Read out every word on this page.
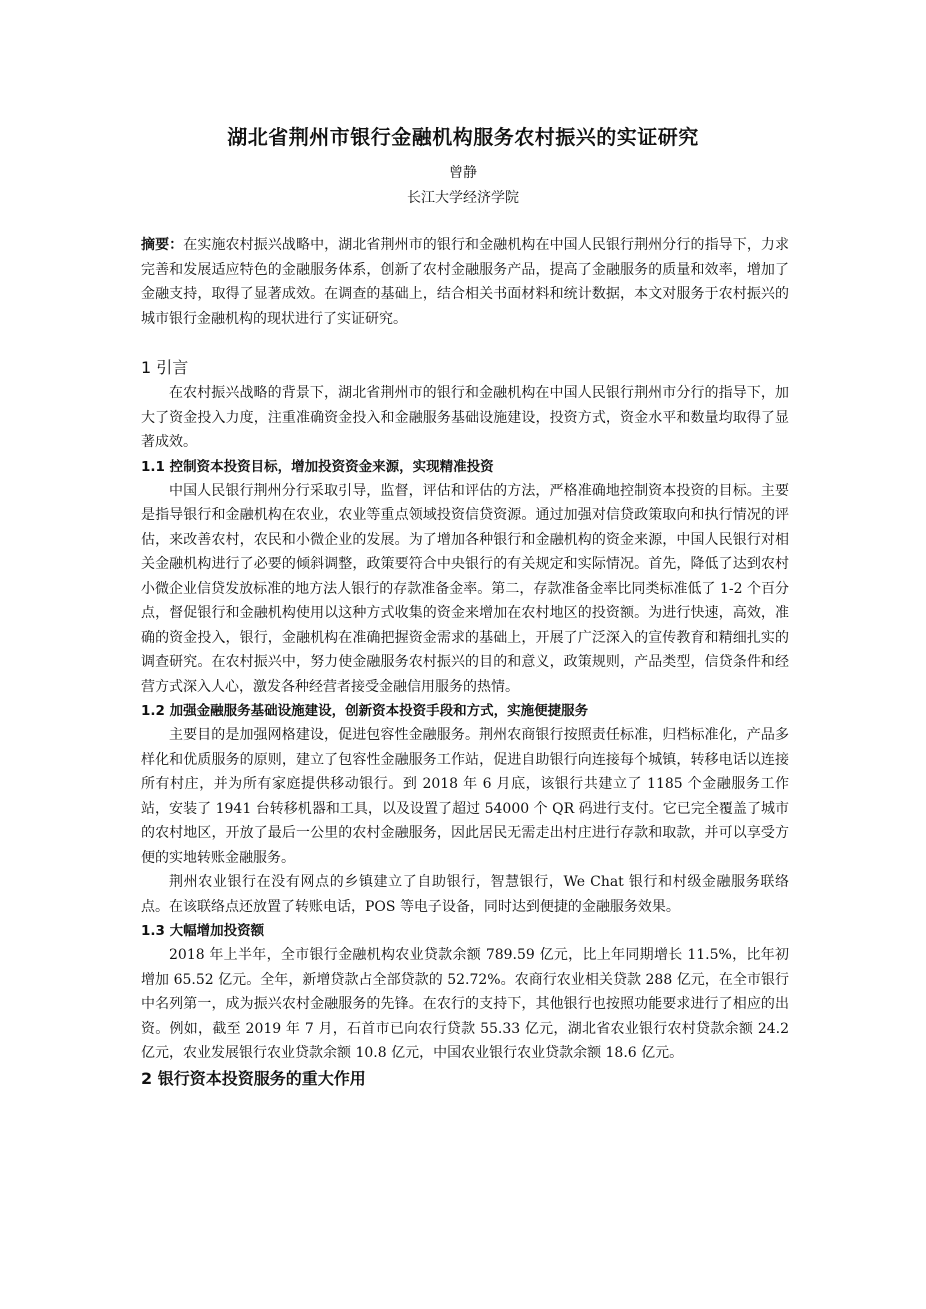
湖北省荆州市银行金融机构服务农村振兴的实证研究
曾静
长江大学经济学院

摘要：在实施农村振兴战略中，湖北省荆州市的银行和金融机构在中国人民银行荆州分行的指导下，力求完善和发展适应特色的金融服务体系，创新了农村金融服务产品，提高了金融服务的质量和效率，增加了金融支持，取得了显著成效。在调查的基础上，结合相关书面材料和统计数据，本文对服务于农村振兴的城市银行金融机构的现状进行了实证研究。

1 引言

在农村振兴战略的背景下，湖北省荆州市的银行和金融机构在中国人民银行荆州市分行的指导下，加大了资金投入力度，注重准确资金投入和金融服务基础设施建设，投资方式，资金水平和数量均取得了显著成效。

1.1 控制资本投资目标，增加投资资金来源，实现精准投资

中国人民银行荆州分行采取引导，监督，评估和评估的方法，严格准确地控制资本投资的目标。主要是指导银行和金融机构在农业，农业等重点领域投资信贷资源。通过加强对信贷政策取向和执行情况的评估，来改善农村，农民和小微企业的发展。为了增加各种银行和金融机构的资金来源，中国人民银行对相关金融机构进行了必要的倾斜调整，政策要符合中央银行的有关规定和实际情况。首先，降低了达到农村小微企业信贷发放标准的地方法人银行的存款准备金率。第二，存款准备金率比同类标准低了 1-2 个百分点，督促银行和金融机构使用以这种方式收集的资金来增加在农村地区的投资额。为进行快速，高效，准确的资金投入，银行，金融机构在准确把握资金需求的基础上，开展了广泛深入的宣传教育和精细扎实的调查研究。在农村振兴中，努力使金融服务农村振兴的目的和意义，政策规则，产品类型，信贷条件和经营方式深入人心，激发各种经营者接受金融信用服务的热情。

1.2 加强金融服务基础设施建设，创新资本投资手段和方式，实施便捷服务

主要目的是加强网格建设，促进包容性金融服务。荆州农商银行按照责任标准，归档标准化，产品多样化和优质服务的原则，建立了包容性金融服务工作站，促进自助银行向连接每个城镇，转移电话以连接所有村庄，并为所有家庭提供移动银行。到 2018 年 6 月底，该银行共建立了 1185 个金融服务工作站，安装了 1941 台转移机器和工具，以及设置了超过 54000 个 QR 码进行支付。它已完全覆盖了城市的农村地区，开放了最后一公里的农村金融服务，因此居民无需走出村庄进行存款和取款，并可以享受方便的实地转账金融服务。

荆州农业银行在没有网点的乡镇建立了自助银行，智慧银行，We Chat 银行和村级金融服务联络点。在该联络点还放置了转账电话，POS 等电子设备，同时达到便捷的金融服务效果。

1.3 大幅增加投资额

2018 年上半年，全市银行金融机构农业贷款余额 789.59 亿元，比上年同期增长 11.5%，比年初增加 65.52 亿元。全年，新增贷款占全部贷款的 52.72%。农商行农业相关贷款 288 亿元，在全市银行中名列第一，成为振兴农村金融服务的先锋。在农行的支持下，其他银行也按照功能要求进行了相应的出资。例如，截至 2019 年 7 月，石首市已向农行贷款 55.33 亿元，湖北省农业银行农村贷款余额 24.2 亿元，农业发展银行农业贷款余额 10.8 亿元，中国农业银行农业贷款余额 18.6 亿元。

2 银行资本投资服务的重大作用
